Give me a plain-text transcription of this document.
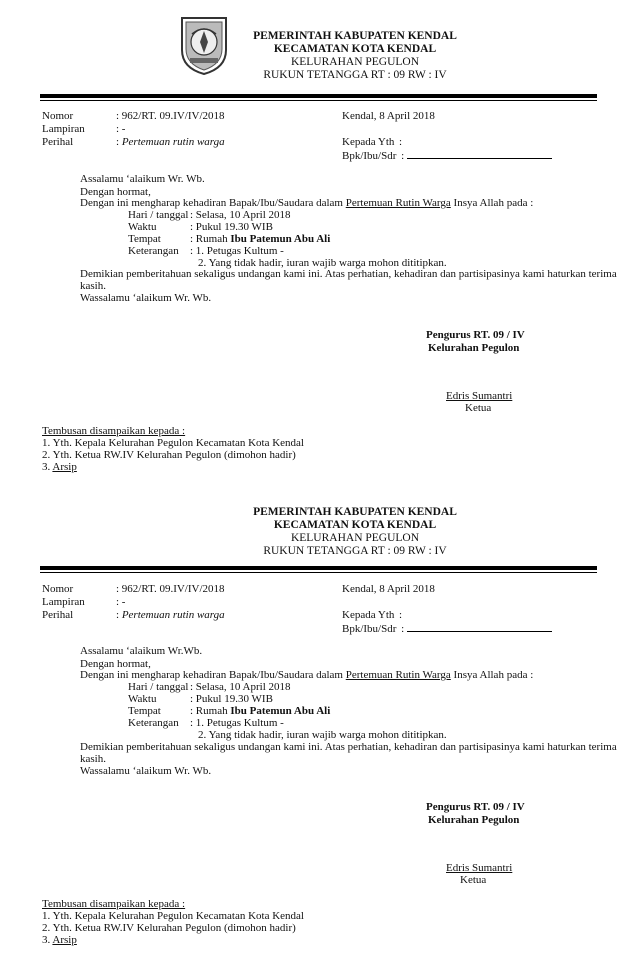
PEMERINTAH KABUPATEN KENDAL
KECAMATAN KOTA KENDAL
KELURAHAN PEGULON
RUKUN TETANGGA RT : 09 RW : IV
Nomor	: 962/RT. 09.IV/IV/2018	Kendal, 8 April 2018
Lampiran	: -
Perihal	: Pertemuan rutin warga	Kepada Yth :
Bpk/Ibu/Sdr :
Assalamu ‘alaikum Wr. Wb.
Dengan hormat,
Dengan ini mengharap kehadiran Bapak/Ibu/Saudara dalam Pertemuan Rutin Warga Insya Allah pada :
Hari / tanggal : Selasa, 10 April 2018
Waktu	: Pukul 19.30 WIB
Tempat	: Rumah Ibu Patemun Abu Ali
Keterangan : 1. Petugas Kultum -
2. Yang tidak hadir, iuran wajib warga mohon dititipkan.
Demikian pemberitahuan sekaligus undangan kami ini. Atas perhatian, kehadiran dan partisipasinya kami haturkan terima
kasih.
Wassalamu ‘alaikum Wr. Wb.
Pengurus RT. 09 / IV
Kelurahan Pegulon
Edris Sumantri
Ketua
Tembusan disampaikan kepada :
1. Yth. Kepala Kelurahan Pegulon Kecamatan Kota Kendal
2. Yth. Ketua RW.IV Kelurahan Pegulon (dimohon hadir)
3. Arsip
PEMERINTAH KABUPATEN KENDAL
KECAMATAN KOTA KENDAL
KELURAHAN PEGULON
RUKUN TETANGGA RT : 09 RW : IV
Nomor	: 962/RT. 09.IV/IV/2018	Kendal, 8 April 2018
Lampiran	: -
Perihal	: Pertemuan rutin warga	Kepada Yth :
Bpk/Ibu/Sdr :
Assalamu ‘alaikum Wr.Wb.
Dengan hormat,
Dengan ini mengharap kehadiran Bapak/Ibu/Saudara dalam Pertemuan Rutin Warga Insya Allah pada :
Hari / tanggal : Selasa, 10 April 2018
Waktu	: Pukul 19.30 WIB
Tempat	: Rumah Ibu Patemun Abu Ali
Keterangan : 1. Petugas Kultum -
2. Yang tidak hadir, iuran wajib warga mohon dititipkan.
Demikian pemberitahuan sekaligus undangan kami ini. Atas perhatian, kehadiran dan partisipasinya kami haturkan terima
kasih.
Wassalamu ‘alaikum Wr. Wb.
Pengurus RT. 09 / IV
Kelurahan Pegulon
Edris Sumantri
Ketua
Tembusan disampaikan kepada :
1. Yth. Kepala Kelurahan Pegulon Kecamatan Kota Kendal
2. Yth. Ketua RW.IV Kelurahan Pegulon (dimohon hadir)
3. Arsip
